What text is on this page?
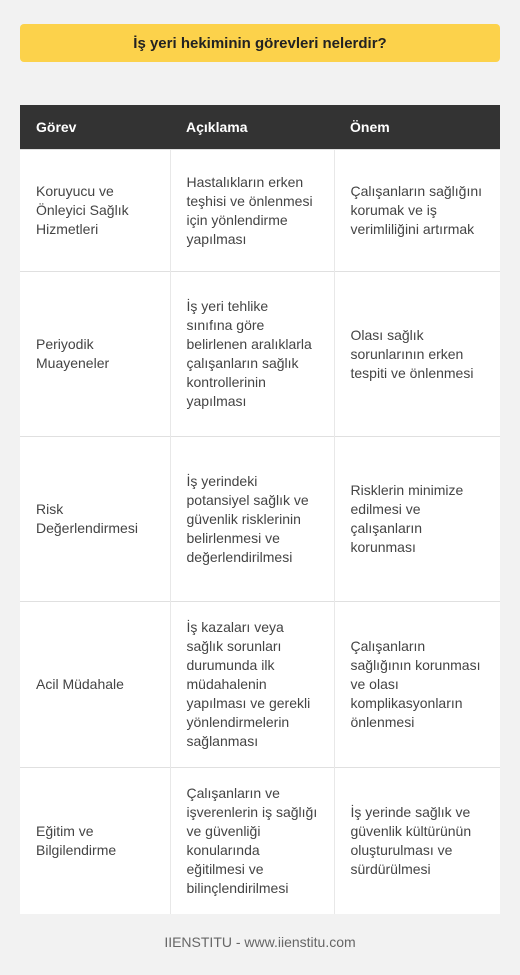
İş yeri hekiminin görevleri nelerdir?
Görev	Açıklama	Önem
Koruyucu ve Önleyici Sağlık Hizmetleri	Hastalıkların erken teşhisi ve önlenmesi için yönlendirme yapılması	Çalışanların sağlığını korumak ve iş verimliliğini artırmak
Periyodik Muayeneler	İş yeri tehlike sınıfına göre belirlenen aralıklarla çalışanların sağlık kontrollerinin yapılması	Olası sağlık sorunlarının erken tespiti ve önlenmesi
Risk Değerlendirmesi	İş yerindeki potansiyel sağlık ve güvenlik risklerinin belirlenmesi ve değerlendirilmesi	Risklerin minimize edilmesi ve çalışanların korunması
Acil Müdahale	İş kazaları veya sağlık sorunları durumunda ilk müdahalenin yapılması ve gerekli yönlendirmelerin sağlanması	Çalışanların sağlığının korunması ve olası komplikasyonların önlenmesi
Eğitim ve Bilgilendirme	Çalışanların ve işverenlerin iş sağlığı ve güvenliği konularında eğitilmesi ve bilinçlendirilmesi	İş yerinde sağlık ve güvenlik kültürünün oluşturulması ve sürdürülmesi
IIENSTITU - www.iienstitu.com
